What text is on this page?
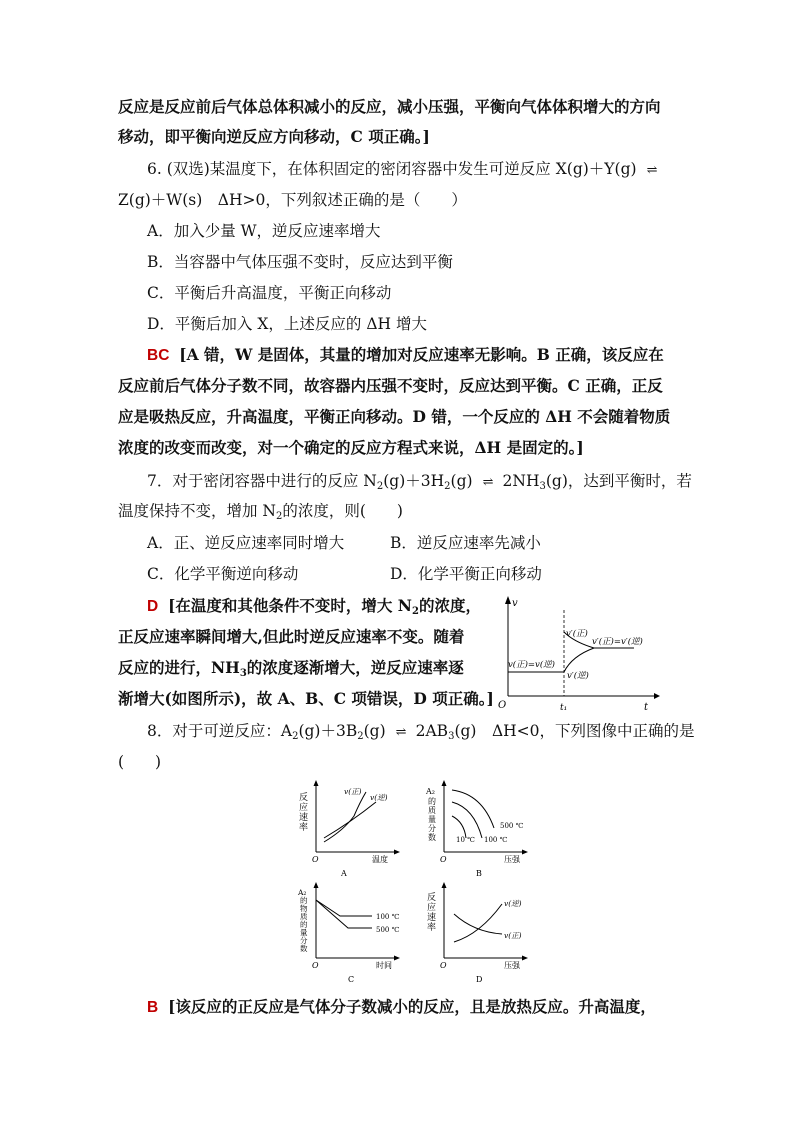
反应是反应前后气体总体积减小的反应，减小压强，平衡向气体体积增大的方向
移动，即平衡向逆反应方向移动，C 项正确。]
6. (双选)某温度下，在体积固定的密闭容器中发生可逆反应 X(g)＋Y(g) ⇌
Z(g)＋W(s)　ΔH>0，下列叙述正确的是（　　）
A．加入少量 W，逆反应速率增大
B．当容器中气体压强不变时，反应达到平衡
C．平衡后升高温度，平衡正向移动
D．平衡后加入 X，上述反应的 ΔH 增大
BC [A 错，W 是固体，其量的增加对反应速率无影响。B 正确，该反应在
反应前后气体分子数不同，故容器内压强不变时，反应达到平衡。C 正确，正反
应是吸热反应，升高温度，平衡正向移动。D 错，一个反应的 ΔH 不会随着物质
浓度的改变而改变，对一个确定的反应方程式来说，ΔH 是固定的。]
7．对于密闭容器中进行的反应 $N_2(g)+3H_2(g)$ ⇌ $2NH_3(g)$，达到平衡时，若
温度保持不变，增加 $N_2$的浓度，则(　　)
A．正、逆反应速率同时增大	B．逆反应速率先减小
C．化学平衡逆向移动	D．化学平衡正向移动
D [在温度和其他条件不变时，增大 $N_2$的浓度，
正反应速率瞬间增大,但此时逆反应速率不变。随着
反应的进行，$NH_3$的浓度逐渐增大，逆反应速率逐
渐增大(如图所示)，故 A、B、C 项错误，D 项正确。]
v
t
O	t₁
v(正)=v(逆)
v′(正)
v′(正)=v′(逆)
v′(逆)
8．对于可逆反应：$A_2(g)+3B_2(g)$ ⇌ $2AB_3(g)$　ΔH<0，下列图像中正确的是
(　　)
反
应
速
率
O	温度
v(正)
v(逆)
A
A₂
的
质
量
分
数
O	压强
500 ℃
100 ℃
10 ℃
B
A₂
的
物
质
的
量
分
数
O	时间
100 ℃
500 ℃
C
反
应
速
率
O	压强
v(逆)
v(正)
D
B [该反应的正反应是气体分子数减小的反应，且是放热反应。升高温度，
